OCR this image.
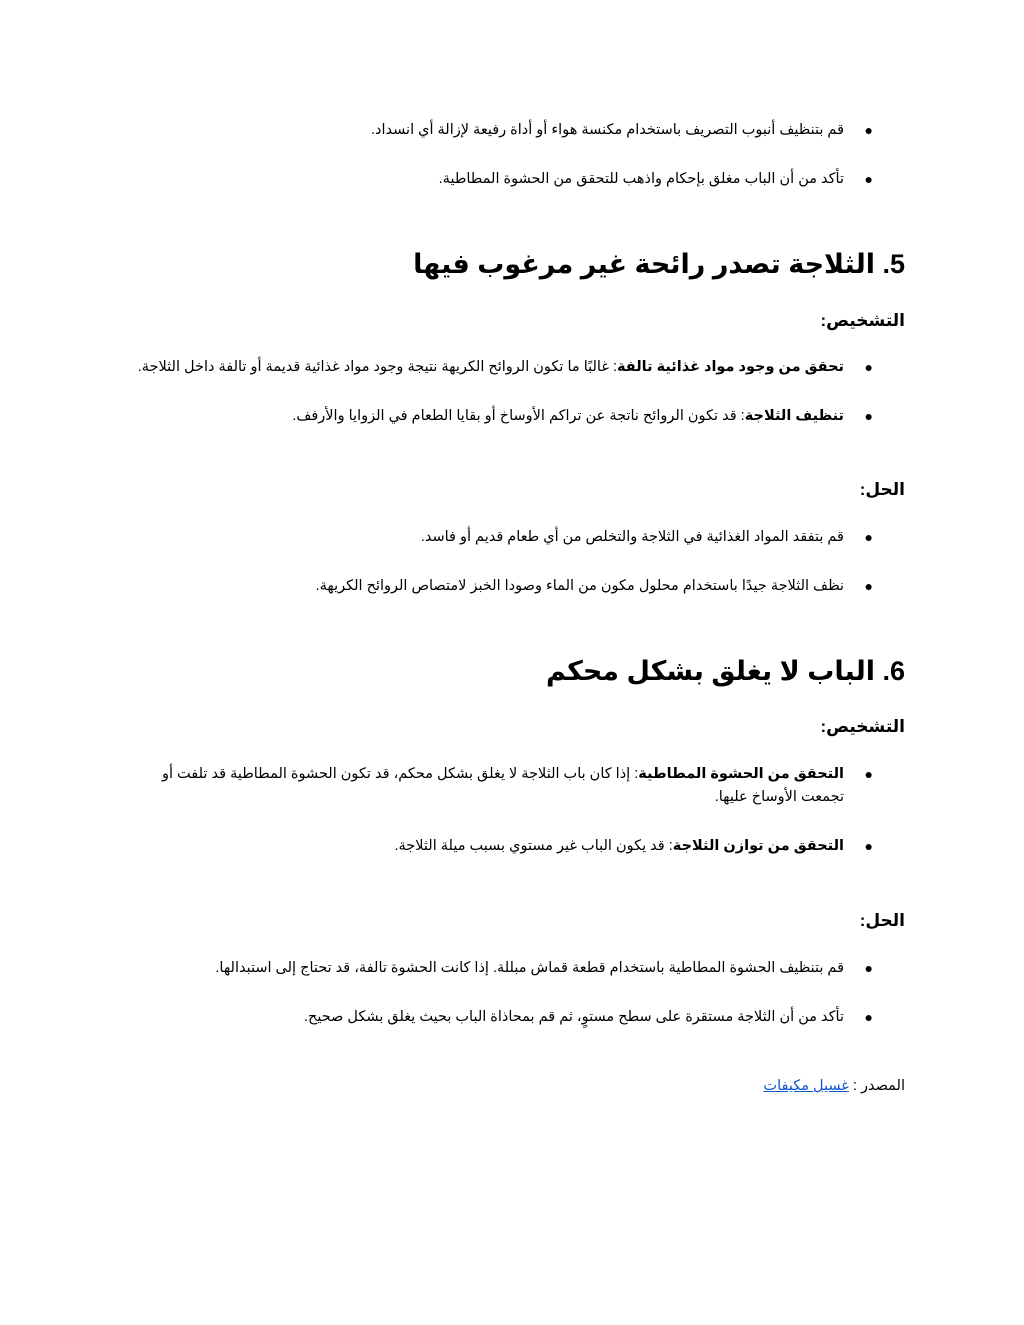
●
قم بتنظيف أنبوب التصريف باستخدام مكنسة هواء أو أداة رفيعة لإزالة أي انسداد.
●
تأكد من أن الباب مغلق بإحكام واذهب للتحقق من الحشوة المطاطية.
5. الثلاجة تصدر رائحة غير مرغوب فيها
التشخيص:
●
تحقق من وجود مواد غذائية تالفة: غالبًا ما تكون الروائح الكريهة نتيجة وجود مواد غذائية قديمة أو تالفة داخل الثلاجة.
●
تنظيف الثلاجة: قد تكون الروائح ناتجة عن تراكم الأوساخ أو بقايا الطعام في الزوايا والأرفف.
الحل:
●
قم بتفقد المواد الغذائية في الثلاجة والتخلص من أي طعام قديم أو فاسد.
●
نظف الثلاجة جيدًا باستخدام محلول مكون من الماء وصودا الخبز لامتصاص الروائح الكريهة.
6. الباب لا يغلق بشكل محكم
التشخيص:
●
التحقق من الحشوة المطاطية: إذا كان باب الثلاجة لا يغلق بشكل محكم، قد تكون الحشوة المطاطية قد تلفت أو تجمعت الأوساخ عليها.
●
التحقق من توازن الثلاجة: قد يكون الباب غير مستوي بسبب ميلة الثلاجة.
الحل:
●
قم بتنظيف الحشوة المطاطية باستخدام قطعة قماش مبللة. إذا كانت الحشوة تالفة، قد تحتاج إلى استبدالها.
●
تأكد من أن الثلاجة مستقرة على سطح مستوٍ، ثم قم بمحاذاة الباب بحيث يغلق بشكل صحيح.
المصدر : غسيل مكيفات
